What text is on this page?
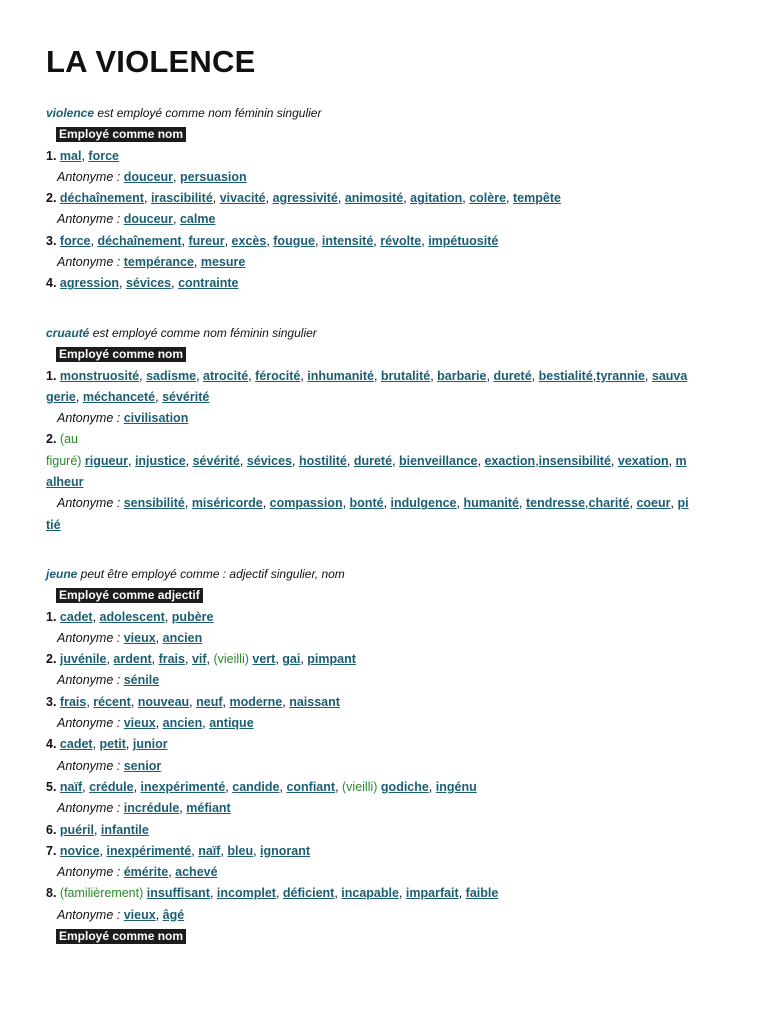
LA VIOLENCE
violence est employé comme nom féminin singulier
Employé comme nom
1. mal, force
Antonyme : douceur, persuasion
2. déchaînement, irascibilité, vivacité, agressivité, animosité, agitation, colère, tempête
Antonyme : douceur, calme
3. force, déchaînement, fureur, excès, fougue, intensité, révolte, impétuosité
Antonyme : tempérance, mesure
4. agression, sévices, contrainte
cruauté est employé comme nom féminin singulier
Employé comme nom
1. monstruosité, sadisme, atrocité, férocité, inhumanité, brutalité, barbarie, dureté, bestialité,tyrannie, sauva
gerie, méchanceté, sévérité
Antonyme : civilisation
2. (au
figuré) rigueur, injustice, sévérité, sévices, hostilité, dureté, bienveillance, exaction,insensibilité, vexation, m
alheur
Antonyme : sensibilité, miséricorde, compassion, bonté, indulgence, humanité, tendresse,charité, coeur, pi
tié
jeune peut être employé comme : adjectif singulier, nom
Employé comme adjectif
1. cadet, adolescent, pubère
Antonyme : vieux, ancien
2. juvénile, ardent, frais, vif, (vieilli) vert, gai, pimpant
Antonyme : sénile
3. frais, récent, nouveau, neuf, moderne, naissant
Antonyme : vieux, ancien, antique
4. cadet, petit, junior
Antonyme : senior
5. naïf, crédule, inexpérimenté, candide, confiant, (vieilli) godiche, ingénu
Antonyme : incrédule, méfiant
6. puéril, infantile
7. novice, inexpérimenté, naïf, bleu, ignorant
Antonyme : émérite, achevé
8. (familièrement) insuffisant, incomplet, déficient, incapable, imparfait, faible
Antonyme : vieux, âgé
Employé comme nom
